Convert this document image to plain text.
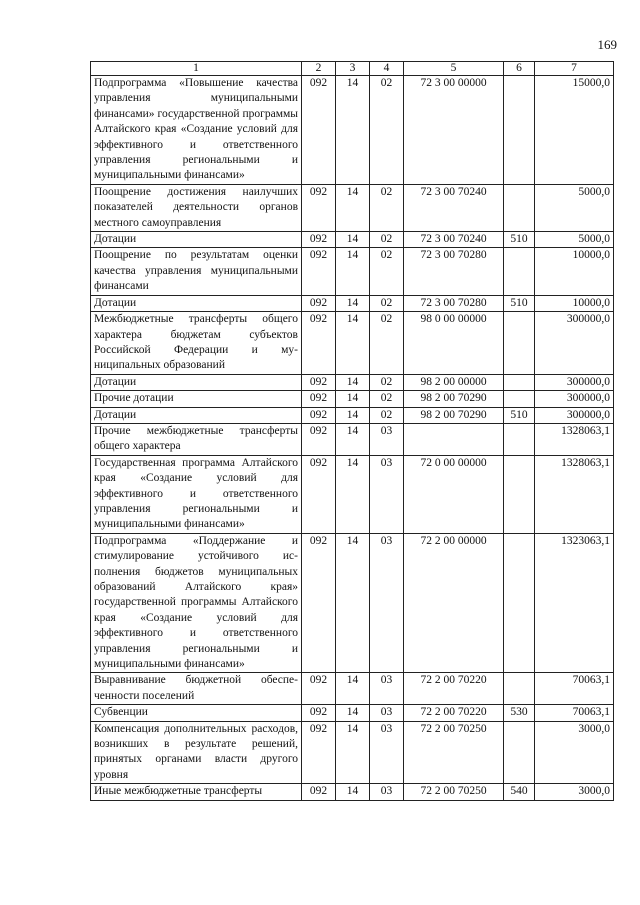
169
1	2	3	4	5	6	7
Подпрограмма «Повышение качества управления муниципальными финансами» государственной программы Алтайского края «Создание условий для эффективного и ответственного управления региональными и муниципальными финансами»	092	14	02	72 3 00 00000		15000,0
Поощрение достижения наилучших показателей деятельности органов местного самоуправления	092	14	02	72 3 00 70240		5000,0
Дотации	092	14	02	72 3 00 70240	510	5000,0
Поощрение по результатам оценки качества управления муниципальными финансами	092	14	02	72 3 00 70280		10000,0
Дотации	092	14	02	72 3 00 70280	510	10000,0
Межбюджетные трансферты общего характера бюджетам субъектов Российской Федерации и муниципальных образований	092	14	02	98 0 00 00000		300000,0
Дотации	092	14	02	98 2 00 00000		300000,0
Прочие дотации	092	14	02	98 2 00 70290		300000,0
Дотации	092	14	02	98 2 00 70290	510	300000,0
Прочие межбюджетные трансферты общего характера	092	14	03			1328063,1
Государственная программа Алтайского края «Создание условий для эффективного и ответственного управления региональными и муниципальными финансами»	092	14	03	72 0 00 00000		1328063,1
Подпрограмма «Поддержание и стимулирование устойчивого исполнения бюджетов муниципальных образований Алтайского края» государственной программы Алтайского края «Создание условий для эффективного и ответственного управления региональными и муниципальными финансами»	092	14	03	72 2 00 00000		1323063,1
Выравнивание бюджетной обеспеченности поселений	092	14	03	72 2 00 70220		70063,1
Субвенции	092	14	03	72 2 00 70220	530	70063,1
Компенсация дополнительных расходов, возникших в результате решений, принятых органами власти другого уровня	092	14	03	72 2 00 70250		3000,0
Иные межбюджетные трансферты	092	14	03	72 2 00 70250	540	3000,0
